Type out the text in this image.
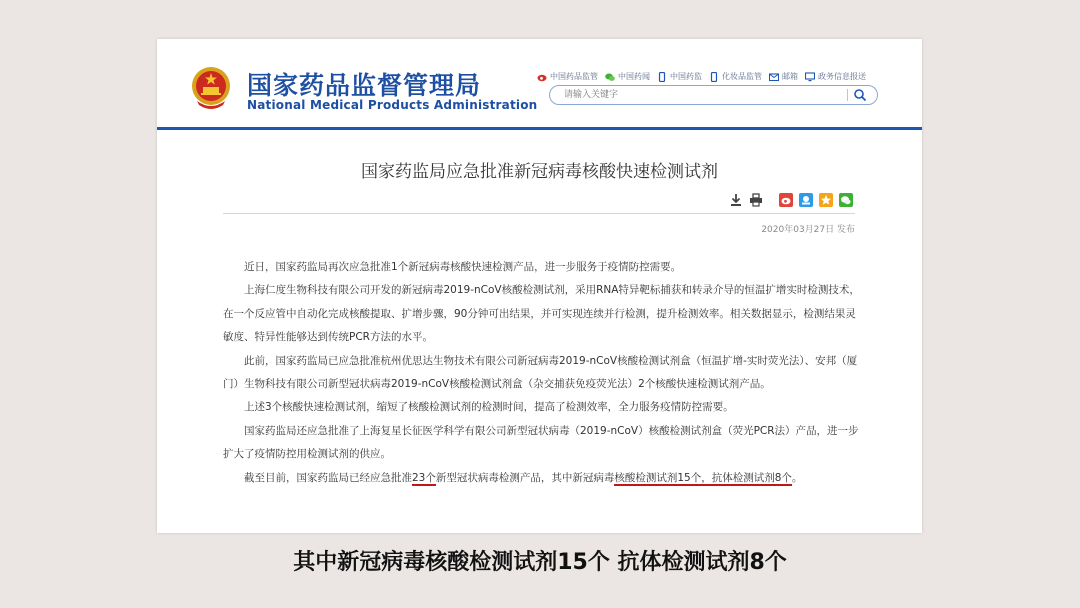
国家药品监督管理局
National Medical Products Administration
中国药品监管	中国药闻	中国药监	化妆品监管	邮箱	政务信息报送
请输入关键字
国家药监局应急批准新冠病毒核酸快速检测试剂
2020年03月27日 发布

近日，国家药监局再次应急批准1个新冠病毒核酸快速检测产品，进一步服务于疫情防控需要。

上海仁度生物科技有限公司开发的新冠病毒2019-nCoV核酸检测试剂，采用RNA特异靶标捕获和转录介导的恒温扩增实时检测技术，在一个反应管中自动化完成核酸提取、扩增步骤，90分钟可出结果，并可实现连续并行检测，提升检测效率。相关数据显示，检测结果灵敏度、特异性能够达到传统PCR方法的水平。

此前，国家药监局已应急批准杭州优思达生物技术有限公司新冠病毒2019-nCoV核酸检测试剂盒（恒温扩增-实时荧光法）、安邦（厦门）生物科技有限公司新型冠状病毒2019-nCoV核酸检测试剂盒（杂交捕获免疫荧光法）2个核酸快速检测试剂产品。

上述3个核酸快速检测试剂，缩短了核酸检测试剂的检测时间，提高了检测效率，全力服务疫情防控需要。

国家药监局还应急批准了上海复星长征医学科学有限公司新型冠状病毒（2019-nCoV）核酸检测试剂盒（荧光PCR法）产品，进一步扩大了疫情防控用检测试剂的供应。

截至目前，国家药监局已经应急批准23个新型冠状病毒检测产品，其中新冠病毒核酸检测试剂15个，抗体检测试剂8个。

其中新冠病毒核酸检测试剂15个 抗体检测试剂8个
